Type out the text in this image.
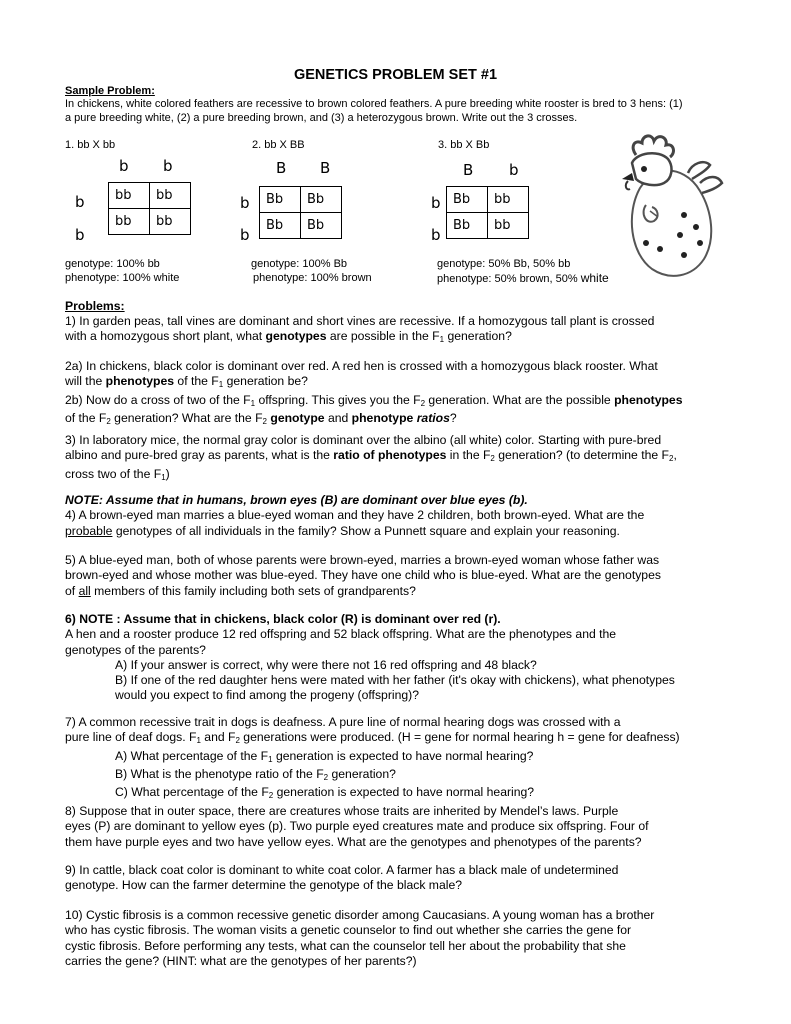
GENETICS PROBLEM SET #1
Sample Problem:
In chickens, white colored feathers are recessive to brown colored feathers. A pure breeding white rooster is bred to 3 hens: (1)
a pure breeding white, (2) a pure breeding brown, and (3) a heterozygous brown. Write out the 3 crosses.
1. bb X bb
b b
b
b
bb	bb
bb	bb
genotype: 100% bb
phenotype: 100% white
2. bb X BB
B B
b
b
Bb	Bb
Bb	Bb
genotype: 100% Bb
phenotype: 100% brown
3. bb X Bb
B b
b
b
Bb	bb
Bb	bb
genotype: 50% Bb, 50% bb
phenotype: 50% brown, 50% white
Problems:

1) In garden peas, tall vines are dominant and short vines are recessive. If a homozygous tall plant is crossed
with a homozygous short plant, what genotypes are possible in the $F_1$ generation?

2a) In chickens, black color is dominant over red. A red hen is crossed with a homozygous black rooster. What
will the phenotypes of the $F_1$ generation be?
2b) Now do a cross of two of the $F_1$ offspring. This gives you the $F_2$ generation. What are the possible phenotypes
of the $F_2$ generation? What are the $F_2$ genotype and phenotype ratios?

3) In laboratory mice, the normal gray color is dominant over the albino (all white) color. Starting with pure-bred
albino and pure-bred gray as parents, what is the ratio of phenotypes in the $F_2$ generation? (to determine the $F_2$,
cross two of the $F_1$)

NOTE: Assume that in humans, brown eyes (B) are dominant over blue eyes (b).
4) A brown-eyed man marries a blue-eyed woman and they have 2 children, both brown-eyed. What are the
probable genotypes of all individuals in the family? Show a Punnett square and explain your reasoning.

5) A blue-eyed man, both of whose parents were brown-eyed, marries a brown-eyed woman whose father was
brown-eyed and whose mother was blue-eyed. They have one child who is blue-eyed. What are the genotypes
of all members of this family including both sets of grandparents?

6) NOTE : Assume that in chickens, black color (R) is dominant over red (r).
A hen and a rooster produce 12 red offspring and 52 black offspring. What are the phenotypes and the
genotypes of the parents?

A) If your answer is correct, why were there not 16 red offspring and 48 black?
B) If one of the red daughter hens were mated with her father (it's okay with chickens), what phenotypes
would you expect to find among the progeny (offspring)?

7) A common recessive trait in dogs is deafness. A pure line of normal hearing dogs was crossed with a
pure line of deaf dogs. $F_1$ and $F_2$ generations were produced. (H = gene for normal hearing h = gene for deafness)

A) What percentage of the $F_1$ generation is expected to have normal hearing?
B) What is the phenotype ratio of the $F_2$ generation?
C) What percentage of the $F_2$ generation is expected to have normal hearing?

8) Suppose that in outer space, there are creatures whose traits are inherited by Mendel’s laws. Purple
eyes (P) are dominant to yellow eyes (p). Two purple eyed creatures mate and produce six offspring. Four of
them have purple eyes and two have yellow eyes. What are the genotypes and phenotypes of the parents?

9) In cattle, black coat color is dominant to white coat color. A farmer has a black male of undetermined
genotype. How can the farmer determine the genotype of the black male?

10) Cystic fibrosis is a common recessive genetic disorder among Caucasians. A young woman has a brother
who has cystic fibrosis. The woman visits a genetic counselor to find out whether she carries the gene for
cystic fibrosis. Before performing any tests, what can the counselor tell her about the probability that she
carries the gene? (HINT: what are the genotypes of her parents?)
